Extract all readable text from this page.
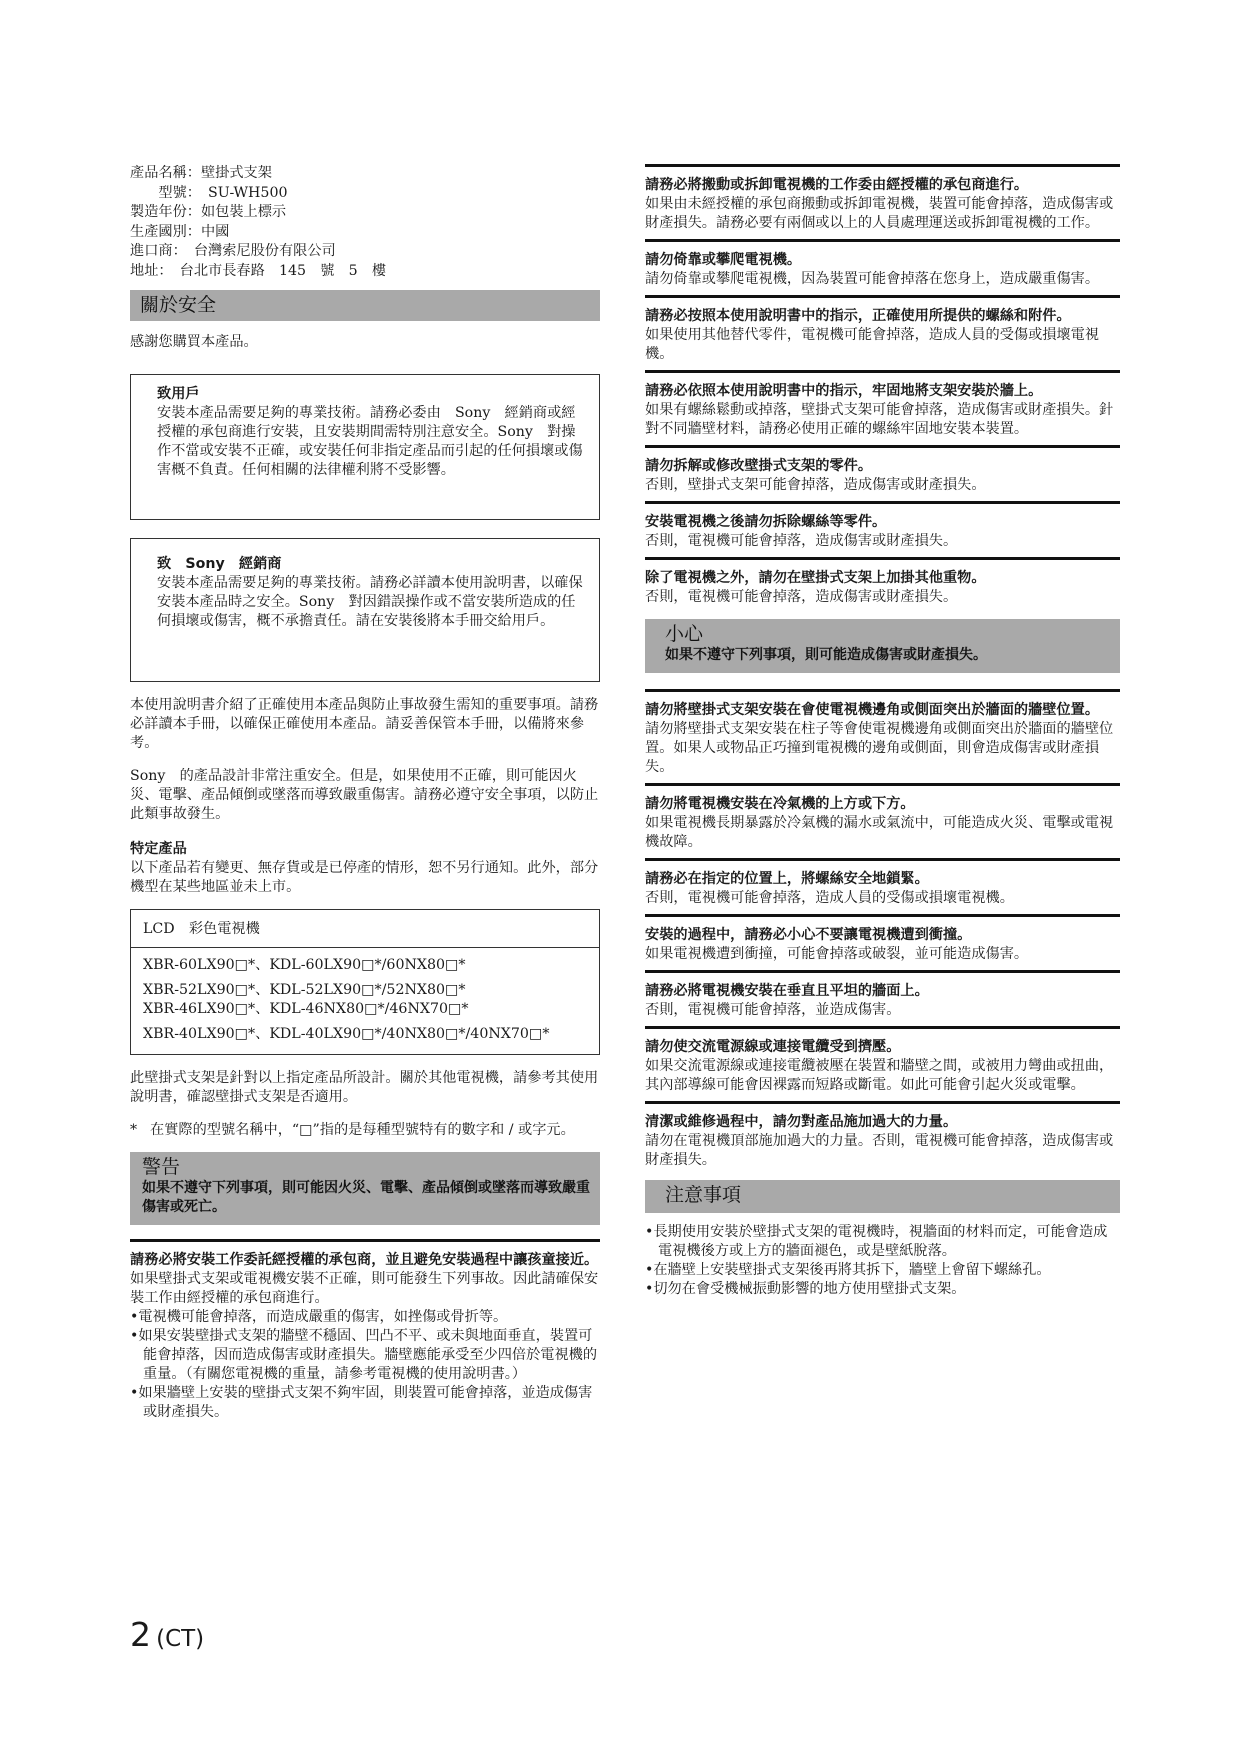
產品名稱：壁掛式支架

　　型號：　SU-WH500

製造年份：如包裝上標示

生產國別：中國

進口商：　台灣索尼股份有限公司

地址：　台北市長春路　145　號　5　樓

關於安全

感謝您購買本產品。

致用戶

安裝本產品需要足夠的專業技術。請務必委由　Sony　經銷商或經授權的承包商進行安裝，且安裝期間需特別注意安全。Sony　對操作不當或安裝不正確，或安裝任何非指定產品而引起的任何損壞或傷害概不負責。任何相關的法律權利將不受影響。

致　Sony　經銷商

安裝本產品需要足夠的專業技術。請務必詳讀本使用說明書，以確保安裝本產品時之安全。Sony　對因錯誤操作或不當安裝所造成的任何損壞或傷害，概不承擔責任。請在安裝後將本手冊交給用戶。

本使用說明書介紹了正確使用本產品與防止事故發生需知的重要事項。請務必詳讀本手冊，以確保正確使用本產品。請妥善保管本手冊，以備將來參考。

Sony　的產品設計非常注重安全。但是，如果使用不正確，則可能因火災、電擊、產品傾倒或墜落而導致嚴重傷害。請務必遵守安全事項，以防止此類事故發生。

特定產品

以下產品若有變更、無存貨或是已停產的情形，恕不另行通知。此外，部分機型在某些地區並未上市。

LCD　彩色電視機

XBR-60LX90□*、KDL-60LX90□*/60NX80□*

XBR-52LX90□*、KDL-52LX90□*/52NX80□*

XBR-46LX90□*、KDL-46NX80□*/46NX70□*

XBR-40LX90□*、KDL-40LX90□*/40NX80□*/40NX70□*

此壁掛式支架是針對以上指定產品所設計。關於其他電視機，請參考其使用說明書，確認壁掛式支架是否適用。

* 在實際的型號名稱中，“□”指的是每種型號特有的數字和 / 或字元。

警告
如果不遵守下列事項，則可能因火災、電擊、產品傾倒或墜落而導致嚴重傷害或死亡。

請務必將安裝工作委託經授權的承包商，並且避免安裝過程中讓孩童接近。

如果壁掛式支架或電視機安裝不正確，則可能發生下列事故。因此請確保安裝工作由經授權的承包商進行。

•電視機可能會掉落，而造成嚴重的傷害，如挫傷或骨折等。

•如果安裝壁掛式支架的牆壁不穩固、凹凸不平、或未與地面垂直，裝置可能會掉落，因而造成傷害或財產損失。牆壁應能承受至少四倍於電視機的重量。（有關您電視機的重量，請參考電視機的使用說明書。）

•如果牆壁上安裝的壁掛式支架不夠牢固，則裝置可能會掉落，並造成傷害或財產損失。

請務必將搬動或拆卸電視機的工作委由經授權的承包商進行。

如果由未經授權的承包商搬動或拆卸電視機，裝置可能會掉落，造成傷害或財產損失。請務必要有兩個或以上的人員處理運送或拆卸電視機的工作。

請勿倚靠或攀爬電視機。

請勿倚靠或攀爬電視機，因為裝置可能會掉落在您身上，造成嚴重傷害。

請務必按照本使用說明書中的指示，正確使用所提供的螺絲和附件。

如果使用其他替代零件，電視機可能會掉落，造成人員的受傷或損壞電視機。

請務必依照本使用說明書中的指示，牢固地將支架安裝於牆上。

如果有螺絲鬆動或掉落，壁掛式支架可能會掉落，造成傷害或財產損失。針對不同牆壁材料，請務必使用正確的螺絲牢固地安裝本裝置。

請勿拆解或修改壁掛式支架的零件。

否則，壁掛式支架可能會掉落，造成傷害或財產損失。

安裝電視機之後請勿拆除螺絲等零件。

否則，電視機可能會掉落，造成傷害或財產損失。

除了電視機之外，請勿在壁掛式支架上加掛其他重物。

否則，電視機可能會掉落，造成傷害或財產損失。

小心
如果不遵守下列事項，則可能造成傷害或財產損失。

請勿將壁掛式支架安裝在會使電視機邊角或側面突出於牆面的牆壁位置。

請勿將壁掛式支架安裝在柱子等會使電視機邊角或側面突出於牆面的牆壁位置。如果人或物品正巧撞到電視機的邊角或側面，則會造成傷害或財產損失。

請勿將電視機安裝在冷氣機的上方或下方。

如果電視機長期暴露於冷氣機的漏水或氣流中，可能造成火災、電擊或電視機故障。

請務必在指定的位置上，將螺絲安全地鎖緊。

否則，電視機可能會掉落，造成人員的受傷或損壞電視機。

安裝的過程中，請務必小心不要讓電視機遭到衝撞。

如果電視機遭到衝撞，可能會掉落或破裂，並可能造成傷害。

請務必將電視機安裝在垂直且平坦的牆面上。

否則，電視機可能會掉落，並造成傷害。

請勿使交流電源線或連接電纜受到擠壓。

如果交流電源線或連接電纜被壓在裝置和牆壁之間，或被用力彎曲或扭曲，其內部導線可能會因裸露而短路或斷電。如此可能會引起火災或電擊。

清潔或維修過程中，請勿對產品施加過大的力量。

請勿在電視機頂部施加過大的力量。否則，電視機可能會掉落，造成傷害或財產損失。

注意事項

•長期使用安裝於壁掛式支架的電視機時，視牆面的材料而定，可能會造成電視機後方或上方的牆面褪色，或是壁紙脫落。

•在牆壁上安裝壁掛式支架後再將其拆下，牆壁上會留下螺絲孔。

•切勿在會受機械振動影響的地方使用壁掛式支架。

2 (CT)
